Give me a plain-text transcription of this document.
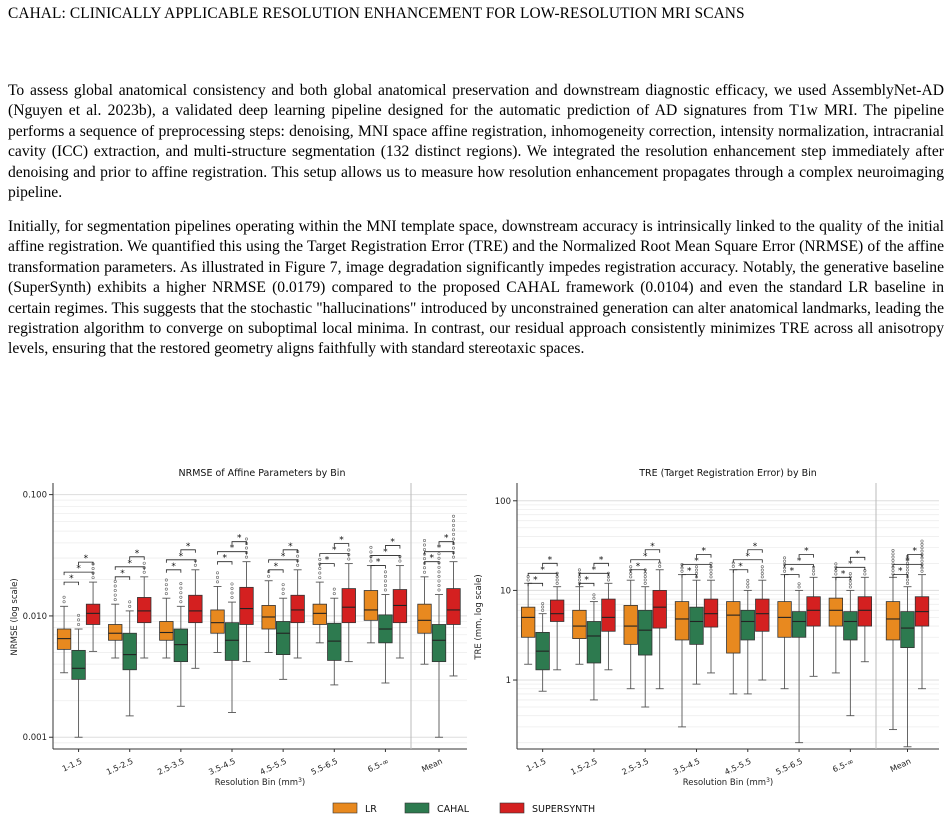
CAHAL: CLINICALLY APPLICABLE RESOLUTION ENHANCEMENT FOR LOW-RESOLUTION MRI SCANS

To assess global anatomical consistency and both global anatomical preservation and downstream diagnostic efficacy, we used AssemblyNet-AD (Nguyen et al. 2023b), a validated deep learning pipeline designed for the automatic prediction of AD signatures from T1w MRI. The pipeline performs a sequence of preprocessing steps: denoising, MNI space affine registration, inhomogeneity correction, intensity normalization, intracranial cavity (ICC) extraction, and multi-structure segmentation (132 distinct regions). We integrated the resolution enhancement step immediately after denoising and prior to affine registration. This setup allows us to measure how resolution enhancement propagates through a complex neuroimaging pipeline.

Initially, for segmentation pipelines operating within the MNI template space, downstream accuracy is intrinsically linked to the quality of the initial affine registration. We quantified this using the Target Registration Error (TRE) and the Normalized Root Mean Square Error (NRMSE) of the affine transformation parameters. As illustrated in Figure 7, image degradation significantly impedes registration accuracy. Notably, the generative baseline (SuperSynth) exhibits a higher NRMSE (0.0179) compared to the proposed CAHAL framework (0.0104) and even the standard LR baseline in certain regimes. This suggests that the stochastic "hallucinations" introduced by unconstrained generation can alter anatomical landmarks, leading the registration algorithm to converge on suboptimal local minima. In contrast, our residual approach consistently minimizes TRE across all anisotropy levels, ensuring that the restored geometry aligns faithfully with standard stereotaxic spaces.

0.100
0.010
0.001
NRMSE of Affine Parameters by Bin
NRMSE (log scale)
1-1.5	1.5-2.5	2.5-3.5	3.5-4.5	4.5-5.5	5.5-6.5	6.5-∞	Mean
Resolution Bin $(mm^3)$
*
*
*
*
*
*
*
*
*
*
*
*
*
*
*
*
*
*
*
*
*
*
*
*
100
10
1
TRE (Target Registration Error) by Bin
TRE (mm, log scale)
1-1.5	1.5-2.5	2.5-3.5	3.5-4.5	4.5-5.5	5.5-6.5	6.5-∞	Mean
Resolution Bin $(mm^3)$
*
*
*
*
*
*
*
*
*
*
*
*
*
*
*
*
*
*
*
*
*
*
*
*
LR	CAHAL	SUPERSYNTH
